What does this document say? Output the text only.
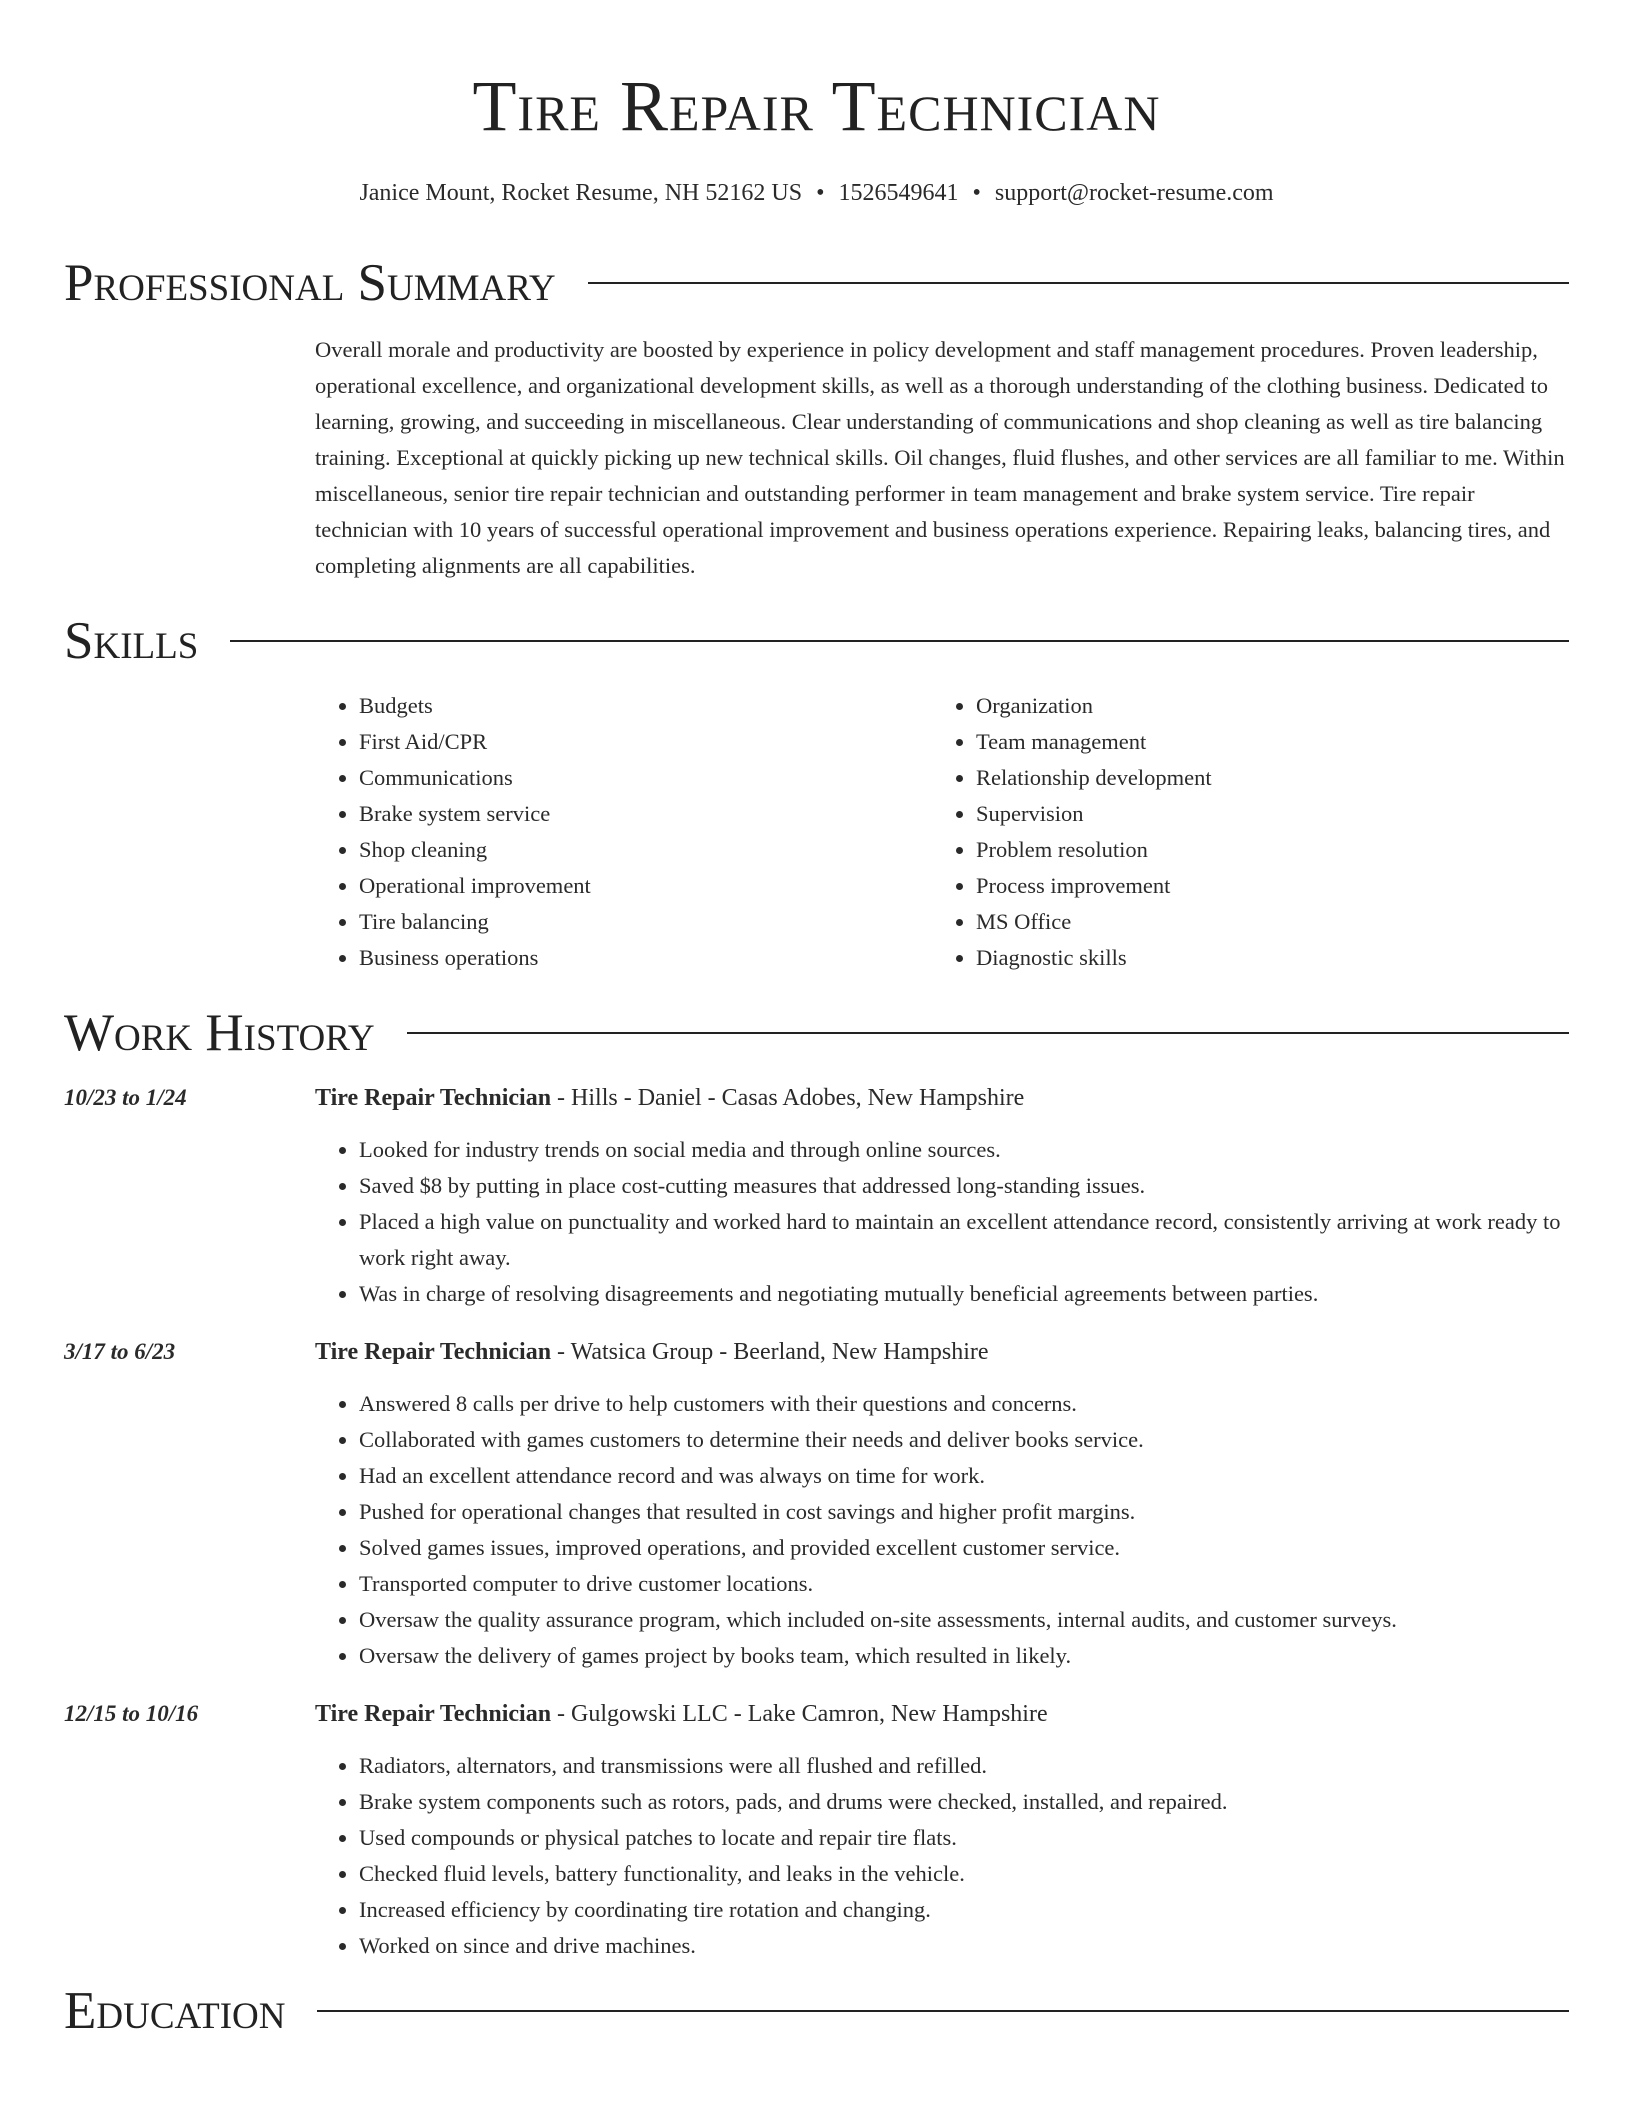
Tire Repair Technician
Janice Mount, Rocket Resume, NH 52162 US • 1526549641 • support@rocket-resume.com
Professional Summary
Overall morale and productivity are boosted by experience in policy development and staff management procedures. Proven leadership, operational excellence, and organizational development skills, as well as a thorough understanding of the clothing business. Dedicated to learning, growing, and succeeding in miscellaneous. Clear understanding of communications and shop cleaning as well as tire balancing training. Exceptional at quickly picking up new technical skills. Oil changes, fluid flushes, and other services are all familiar to me. Within miscellaneous, senior tire repair technician and outstanding performer in team management and brake system service. Tire repair technician with 10 years of successful operational improvement and business operations experience. Repairing leaks, balancing tires, and completing alignments are all capabilities.
Skills
• Budgets
• First Aid/CPR
• Communications
• Brake system service
• Shop cleaning
• Operational improvement
• Tire balancing
• Business operations
• Organization
• Team management
• Relationship development
• Supervision
• Problem resolution
• Process improvement
• MS Office
• Diagnostic skills
Work History
10/23 to 1/24	Tire Repair Technician - Hills - Daniel - Casas Adobes, New Hampshire
• Looked for industry trends on social media and through online sources.
• Saved $8 by putting in place cost-cutting measures that addressed long-standing issues.
• Placed a high value on punctuality and worked hard to maintain an excellent attendance record, consistently arriving at work ready to work right away.
• Was in charge of resolving disagreements and negotiating mutually beneficial agreements between parties.
3/17 to 6/23	Tire Repair Technician - Watsica Group - Beerland, New Hampshire
• Answered 8 calls per drive to help customers with their questions and concerns.
• Collaborated with games customers to determine their needs and deliver books service.
• Had an excellent attendance record and was always on time for work.
• Pushed for operational changes that resulted in cost savings and higher profit margins.
• Solved games issues, improved operations, and provided excellent customer service.
• Transported computer to drive customer locations.
• Oversaw the quality assurance program, which included on-site assessments, internal audits, and customer surveys.
• Oversaw the delivery of games project by books team, which resulted in likely.
12/15 to 10/16	Tire Repair Technician - Gulgowski LLC - Lake Camron, New Hampshire
• Radiators, alternators, and transmissions were all flushed and refilled.
• Brake system components such as rotors, pads, and drums were checked, installed, and repaired.
• Used compounds or physical patches to locate and repair tire flats.
• Checked fluid levels, battery functionality, and leaks in the vehicle.
• Increased efficiency by coordinating tire rotation and changing.
• Worked on since and drive machines.
Education
